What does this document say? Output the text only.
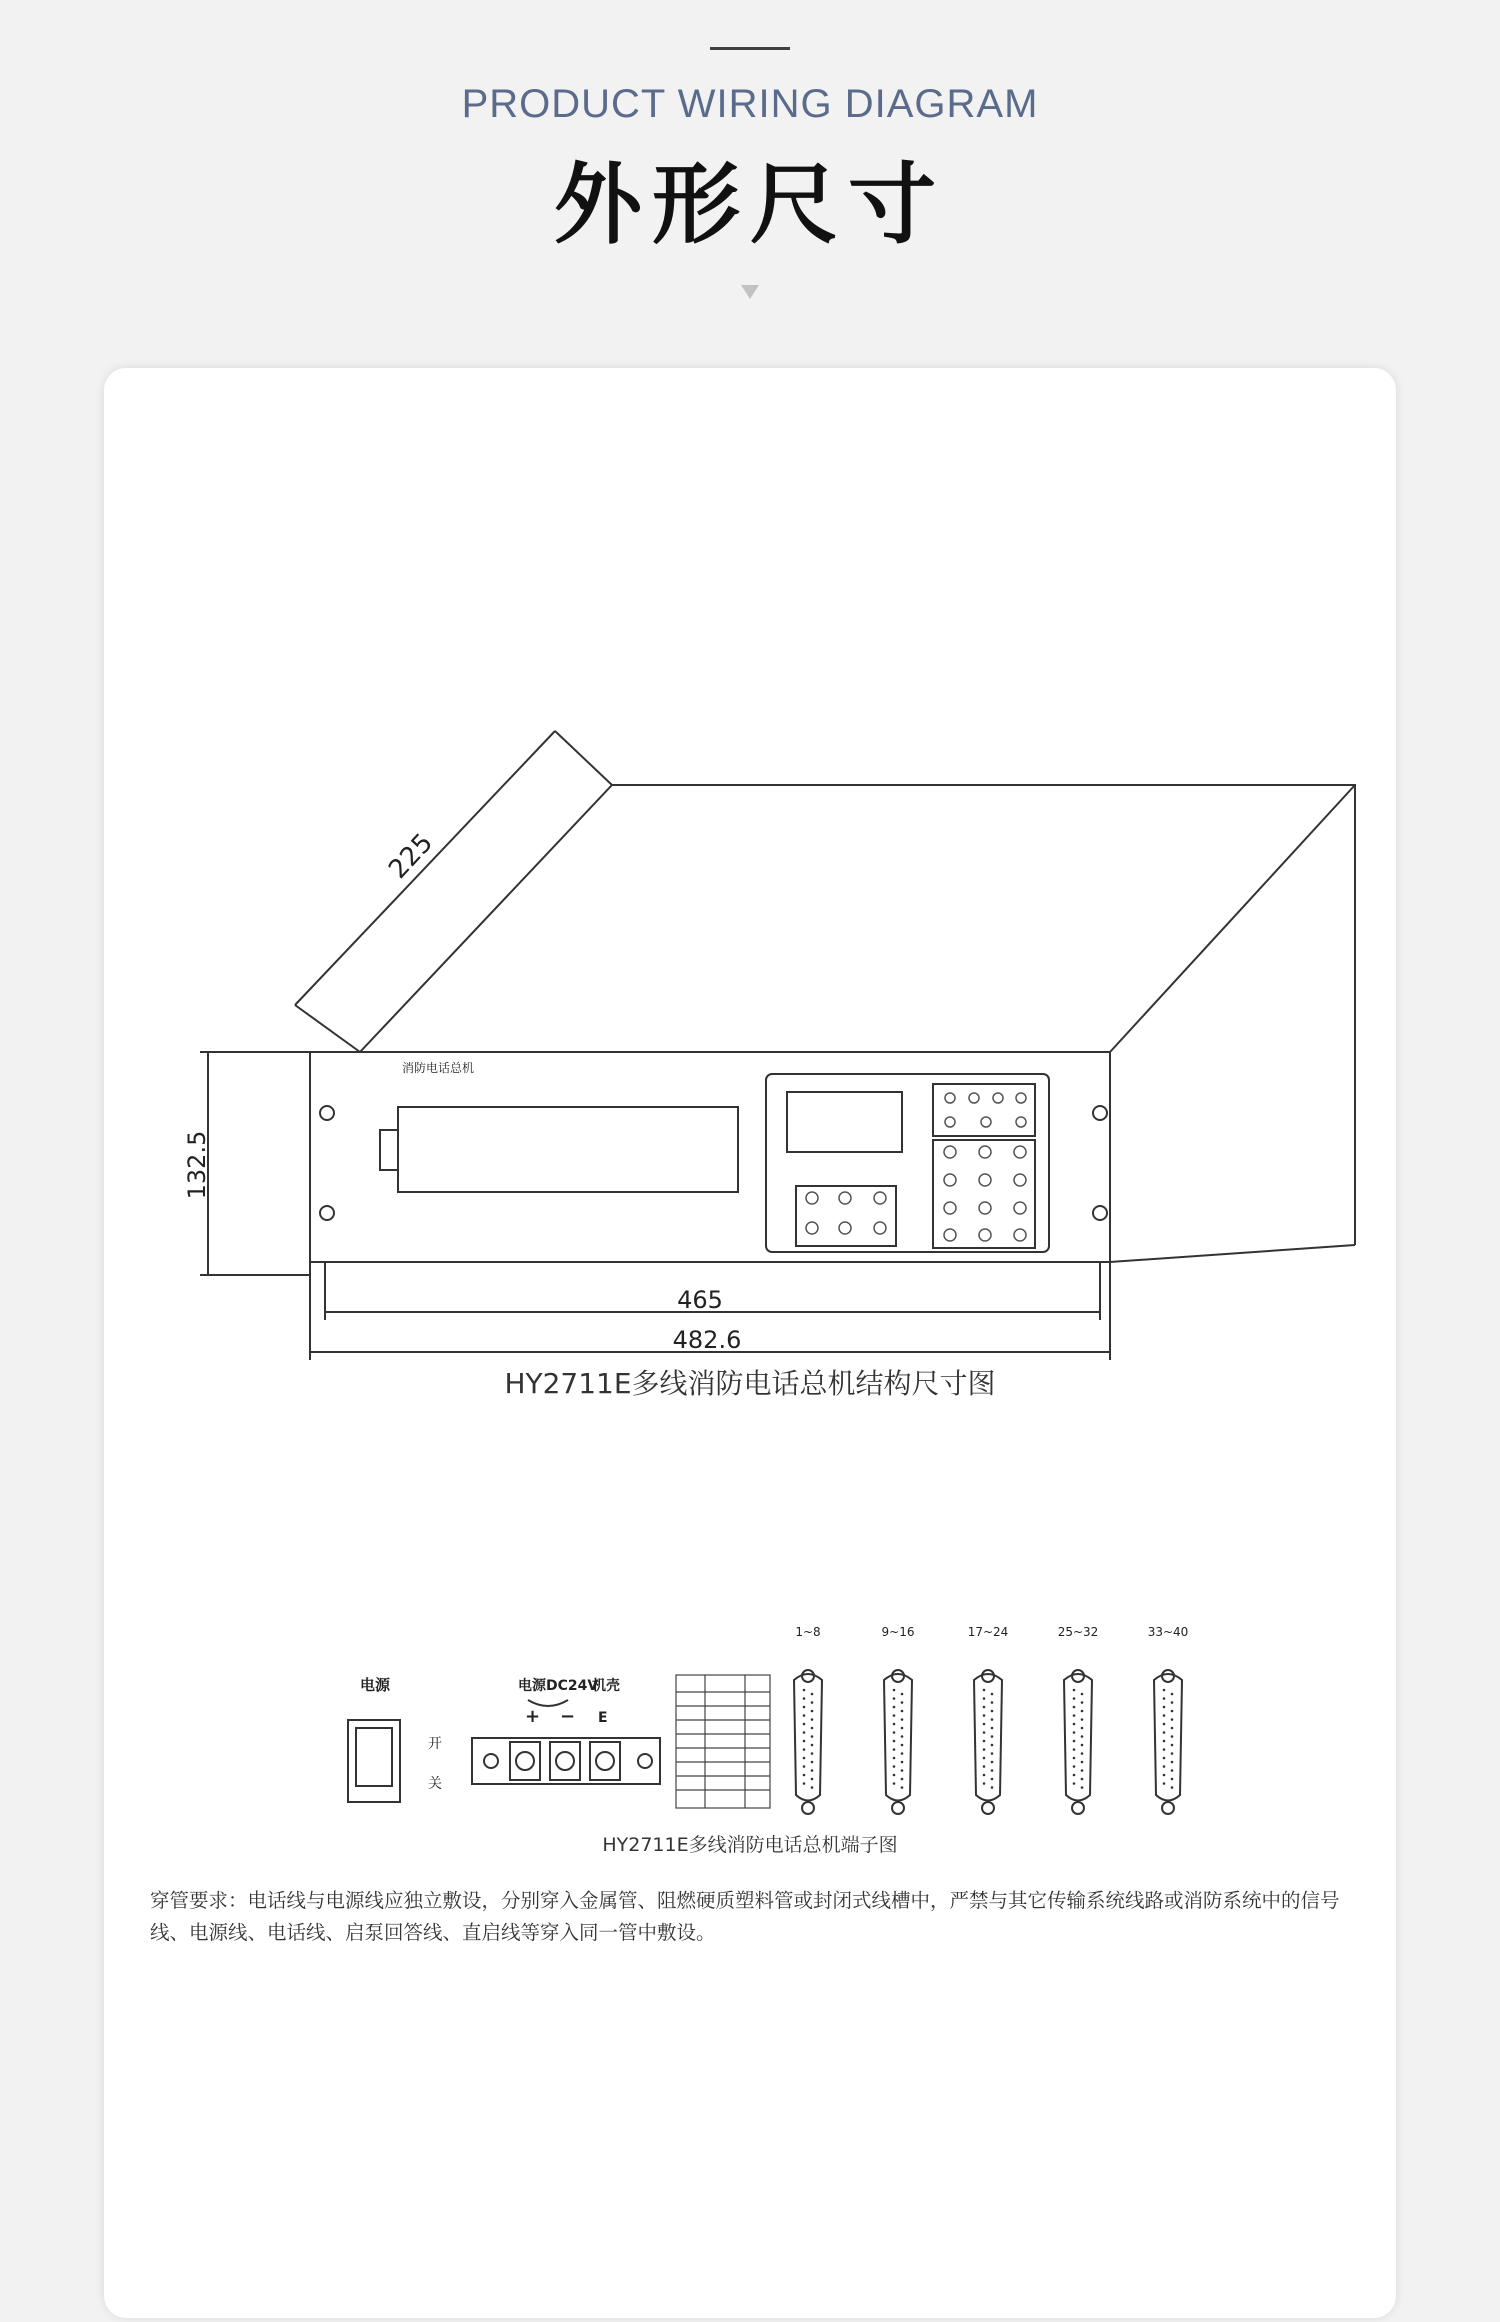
PRODUCT WIRING DIAGRAM
外形尺寸
225
132.5
465
482.6
消防电话总机
电源
开
关
电源DC24V
机壳
+ − E
1~8	9~16	17~24	25~32	33~40
HY2711E多线消防电话总机结构尺寸图
HY2711E多线消防电话总机端子图
穿管要求：电话线与电源线应独立敷设，分别穿入金属管、阻燃硬质塑料管或封闭式线槽中，严禁与其它传输系统线路或消防系统中的信号线、电源线、电话线、启泵回答线、直启线等穿入同一管中敷设。
